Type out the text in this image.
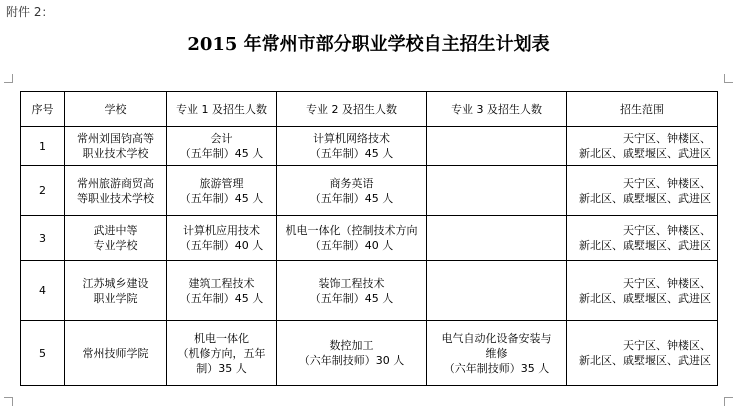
附件 2：
2015 年常州市部分职业学校自主招生计划表
序号	学校	专业 1 及招生人数	专业 2 及招生人数	专业 3 及招生人数	招生范围
1	常州刘国钧高等
职业技术学校	会计
（五年制）45 人	计算机网络技术
（五年制）45 人		天宁区、钟楼区、
新北区、戚墅堰区、武进区

2	常州旅游商贸高
等职业技术学校	旅游管理
（五年制）45 人	商务英语
（五年制）45 人		天宁区、钟楼区、
新北区、戚墅堰区、武进区

3	武进中等
专业学校	计算机应用技术
（五年制）40 人	机电一体化（控制技术方向
（五年制）40 人		天宁区、钟楼区、
新北区、戚墅堰区、武进区

4	江苏城乡建设
职业学院	建筑工程技术
（五年制）45 人	装饰工程技术
（五年制）45 人		天宁区、钟楼区、
新北区、戚墅堰区、武进区

5	常州技师学院	机电一体化
（机修方向，五年
制）35 人	数控加工
（六年制技师）30 人	电气自动化设备安装与
维修
（六年制技师）35 人	天宁区、钟楼区、
新北区、戚墅堰区、武进区
